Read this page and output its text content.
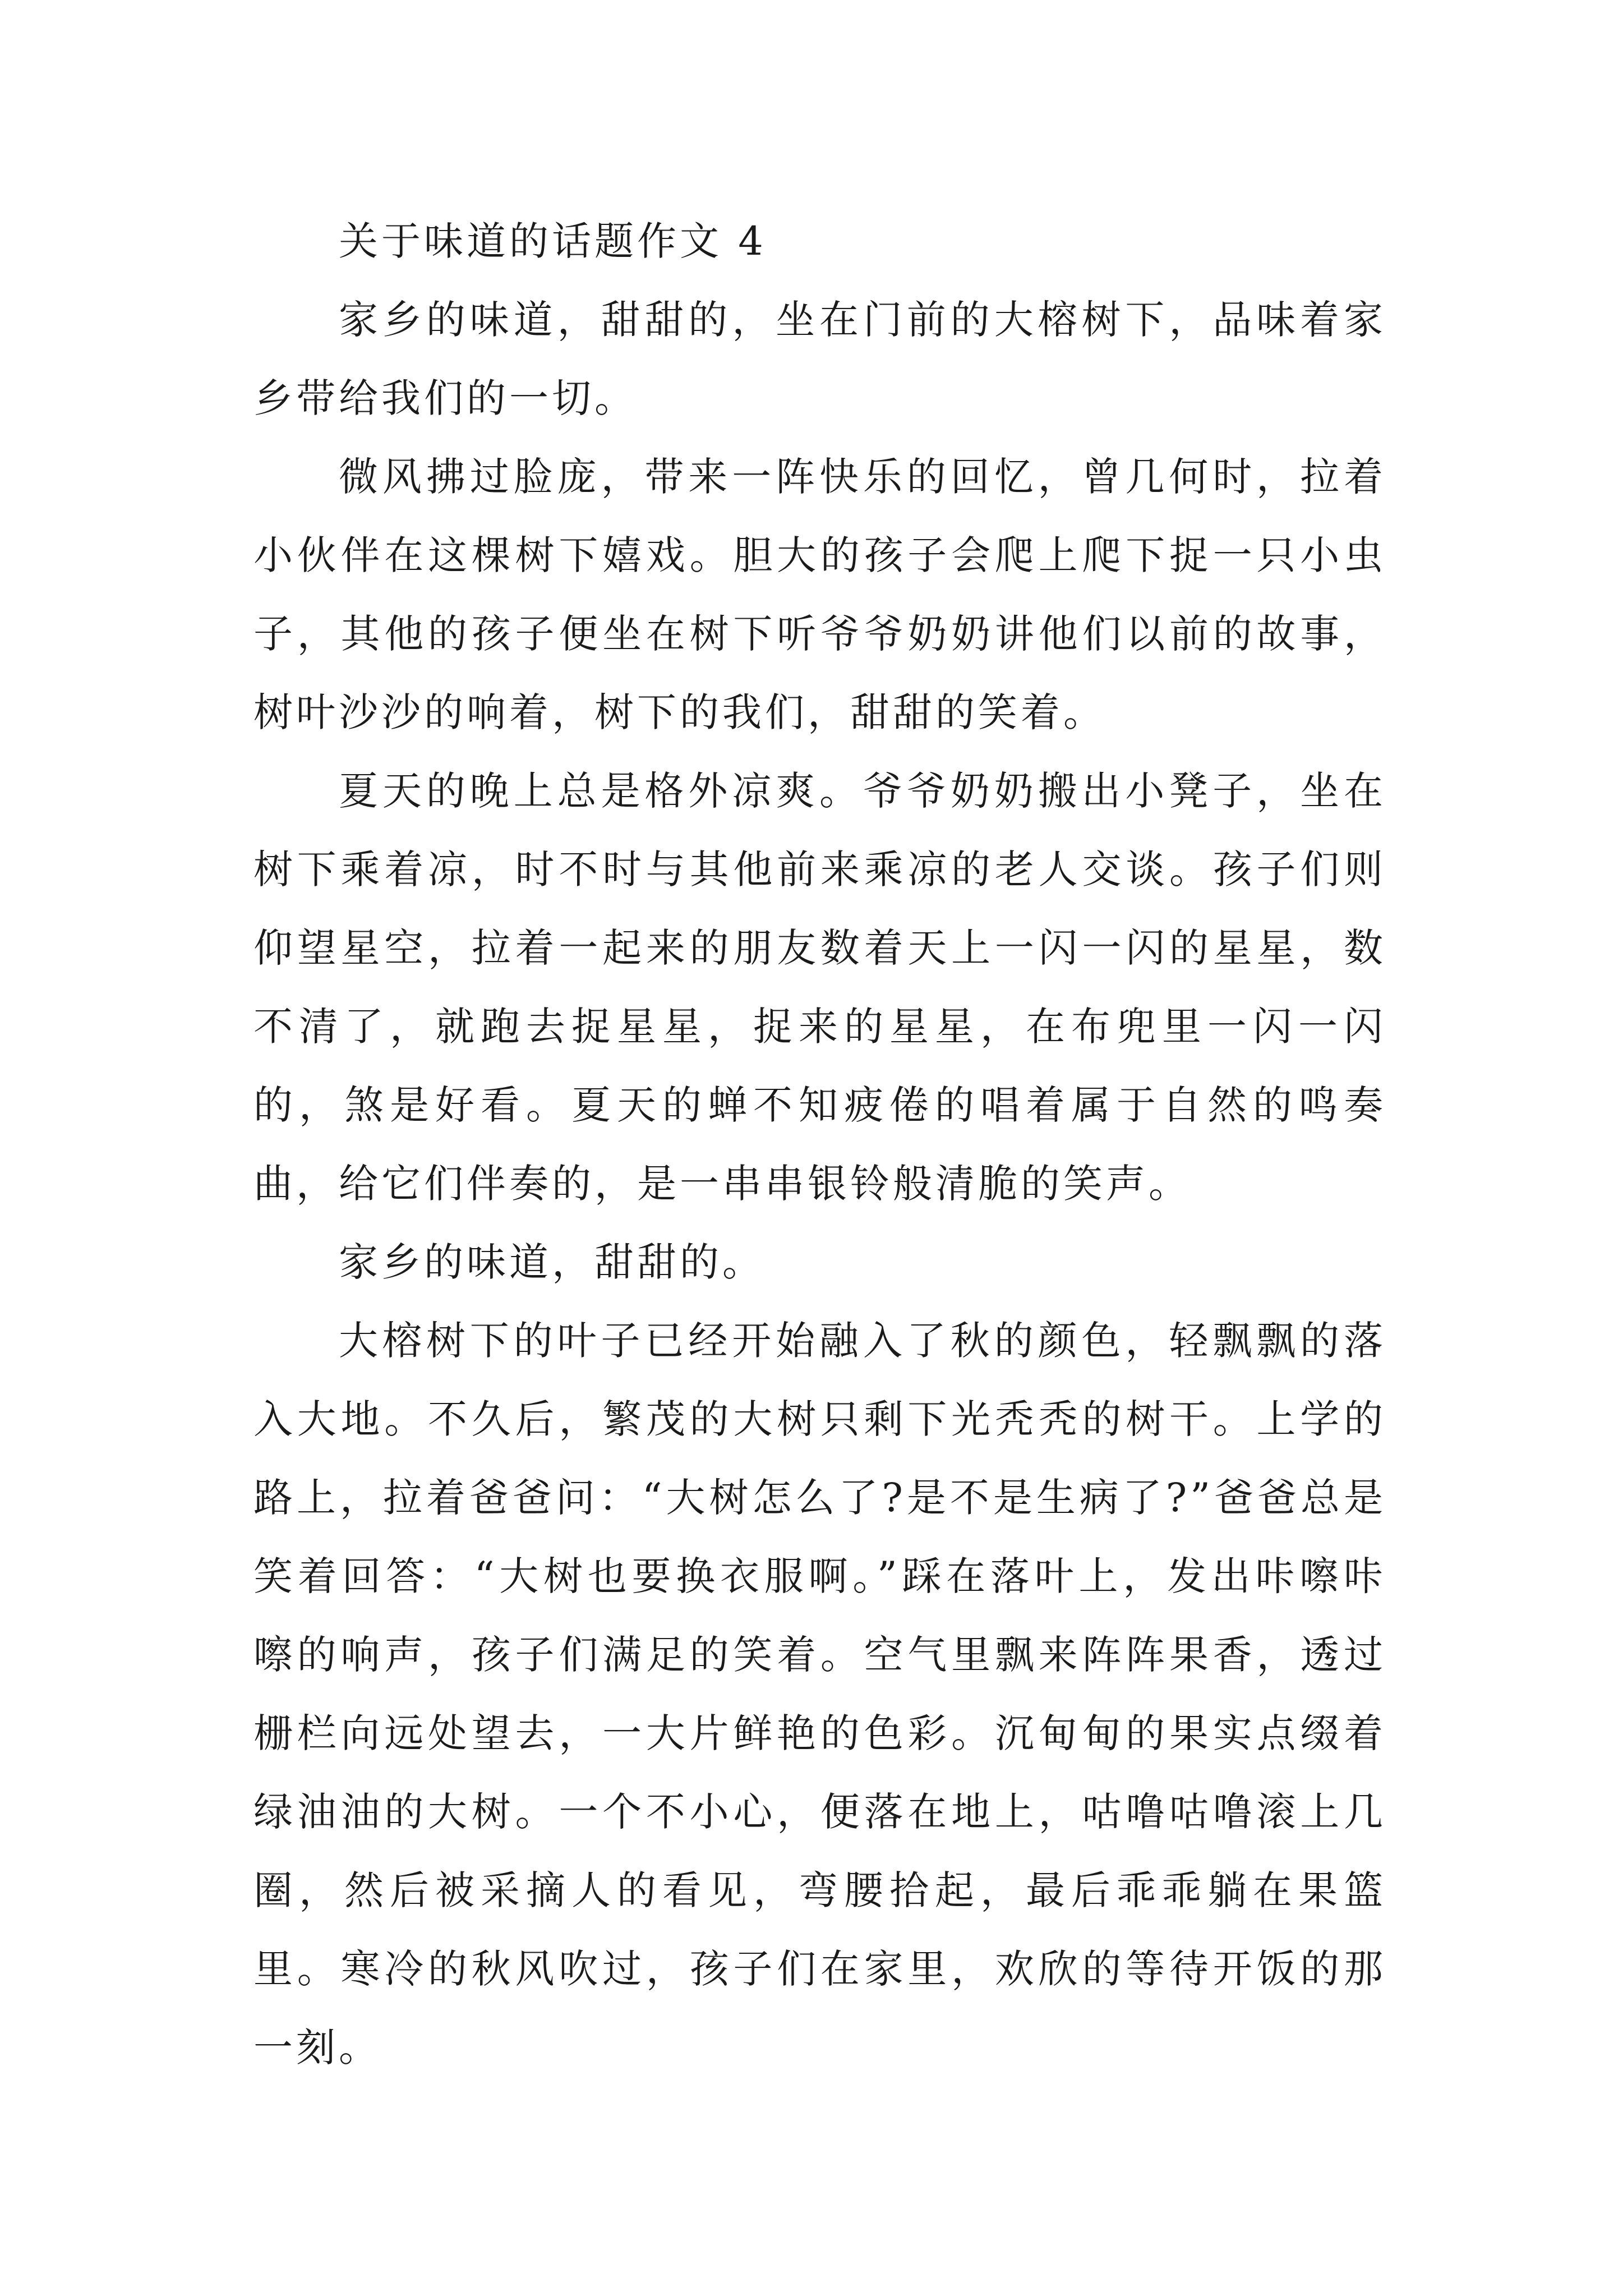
关于味道的话题作文 4

家乡的味道，甜甜的，坐在门前的大榕树下，品味着家乡带给我们的一切。

微风拂过脸庞，带来一阵快乐的回忆，曾几何时，拉着小伙伴在这棵树下嬉戏。胆大的孩子会爬上爬下捉一只小虫子，其他的孩子便坐在树下听爷爷奶奶讲他们以前的故事，树叶沙沙的响着，树下的我们，甜甜的笑着。

夏天的晚上总是格外凉爽。爷爷奶奶搬出小凳子，坐在树下乘着凉，时不时与其他前来乘凉的老人交谈。孩子们则仰望星空，拉着一起来的朋友数着天上一闪一闪的星星，数不清了，就跑去捉星星，捉来的星星，在布兜里一闪一闪的，煞是好看。夏天的蝉不知疲倦的唱着属于自然的鸣奏曲，给它们伴奏的，是一串串银铃般清脆的笑声。

家乡的味道，甜甜的。

大榕树下的叶子已经开始融入了秋的颜色，轻飘飘的落入大地。不久后，繁茂的大树只剩下光秃秃的树干。上学的路上，拉着爸爸问：“大树怎么了?是不是生病了?”爸爸总是笑着回答：“大树也要换衣服啊。”踩在落叶上，发出咔嚓咔嚓的响声，孩子们满足的笑着。空气里飘来阵阵果香，透过栅栏向远处望去，一大片鲜艳的色彩。沉甸甸的果实点缀着绿油油的大树。一个不小心，便落在地上，咕噜咕噜滚上几圈，然后被采摘人的看见，弯腰拾起，最后乖乖躺在果篮里。寒冷的秋风吹过，孩子们在家里，欢欣的等待开饭的那一刻。
